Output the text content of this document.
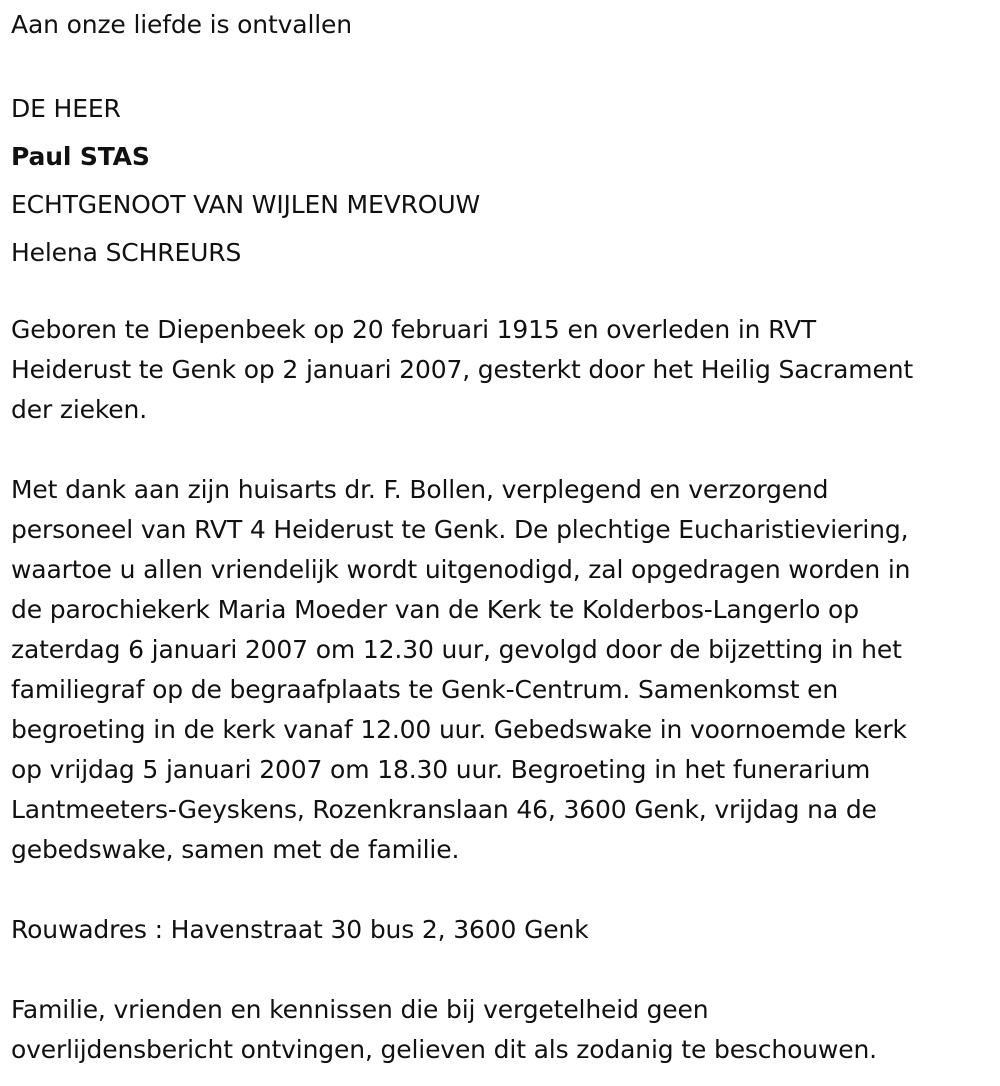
Aan onze liefde is ontvallen
DE HEER
Paul STAS
ECHTGENOOT VAN WIJLEN MEVROUW
Helena SCHREURS
Geboren te Diepenbeek op 20 februari 1915 en overleden in RVT
Heiderust te Genk op 2 januari 2007, gesterkt door het Heilig Sacrament
der zieken.
Met dank aan zijn huisarts dr. F. Bollen, verplegend en verzorgend
personeel van RVT 4 Heiderust te Genk. De plechtige Eucharistieviering,
waartoe u allen vriendelijk wordt uitgenodigd, zal opgedragen worden in
de parochiekerk Maria Moeder van de Kerk te Kolderbos-Langerlo op
zaterdag 6 januari 2007 om 12.30 uur, gevolgd door de bijzetting in het
familiegraf op de begraafplaats te Genk-Centrum. Samenkomst en
begroeting in de kerk vanaf 12.00 uur. Gebedswake in voornoemde kerk
op vrijdag 5 januari 2007 om 18.30 uur. Begroeting in het funerarium
Lantmeeters-Geyskens, Rozenkranslaan 46, 3600 Genk, vrijdag na de
gebedswake, samen met de familie.
Rouwadres : Havenstraat 30 bus 2, 3600 Genk
Familie, vrienden en kennissen die bij vergetelheid geen
overlijdensbericht ontvingen, gelieven dit als zodanig te beschouwen.
